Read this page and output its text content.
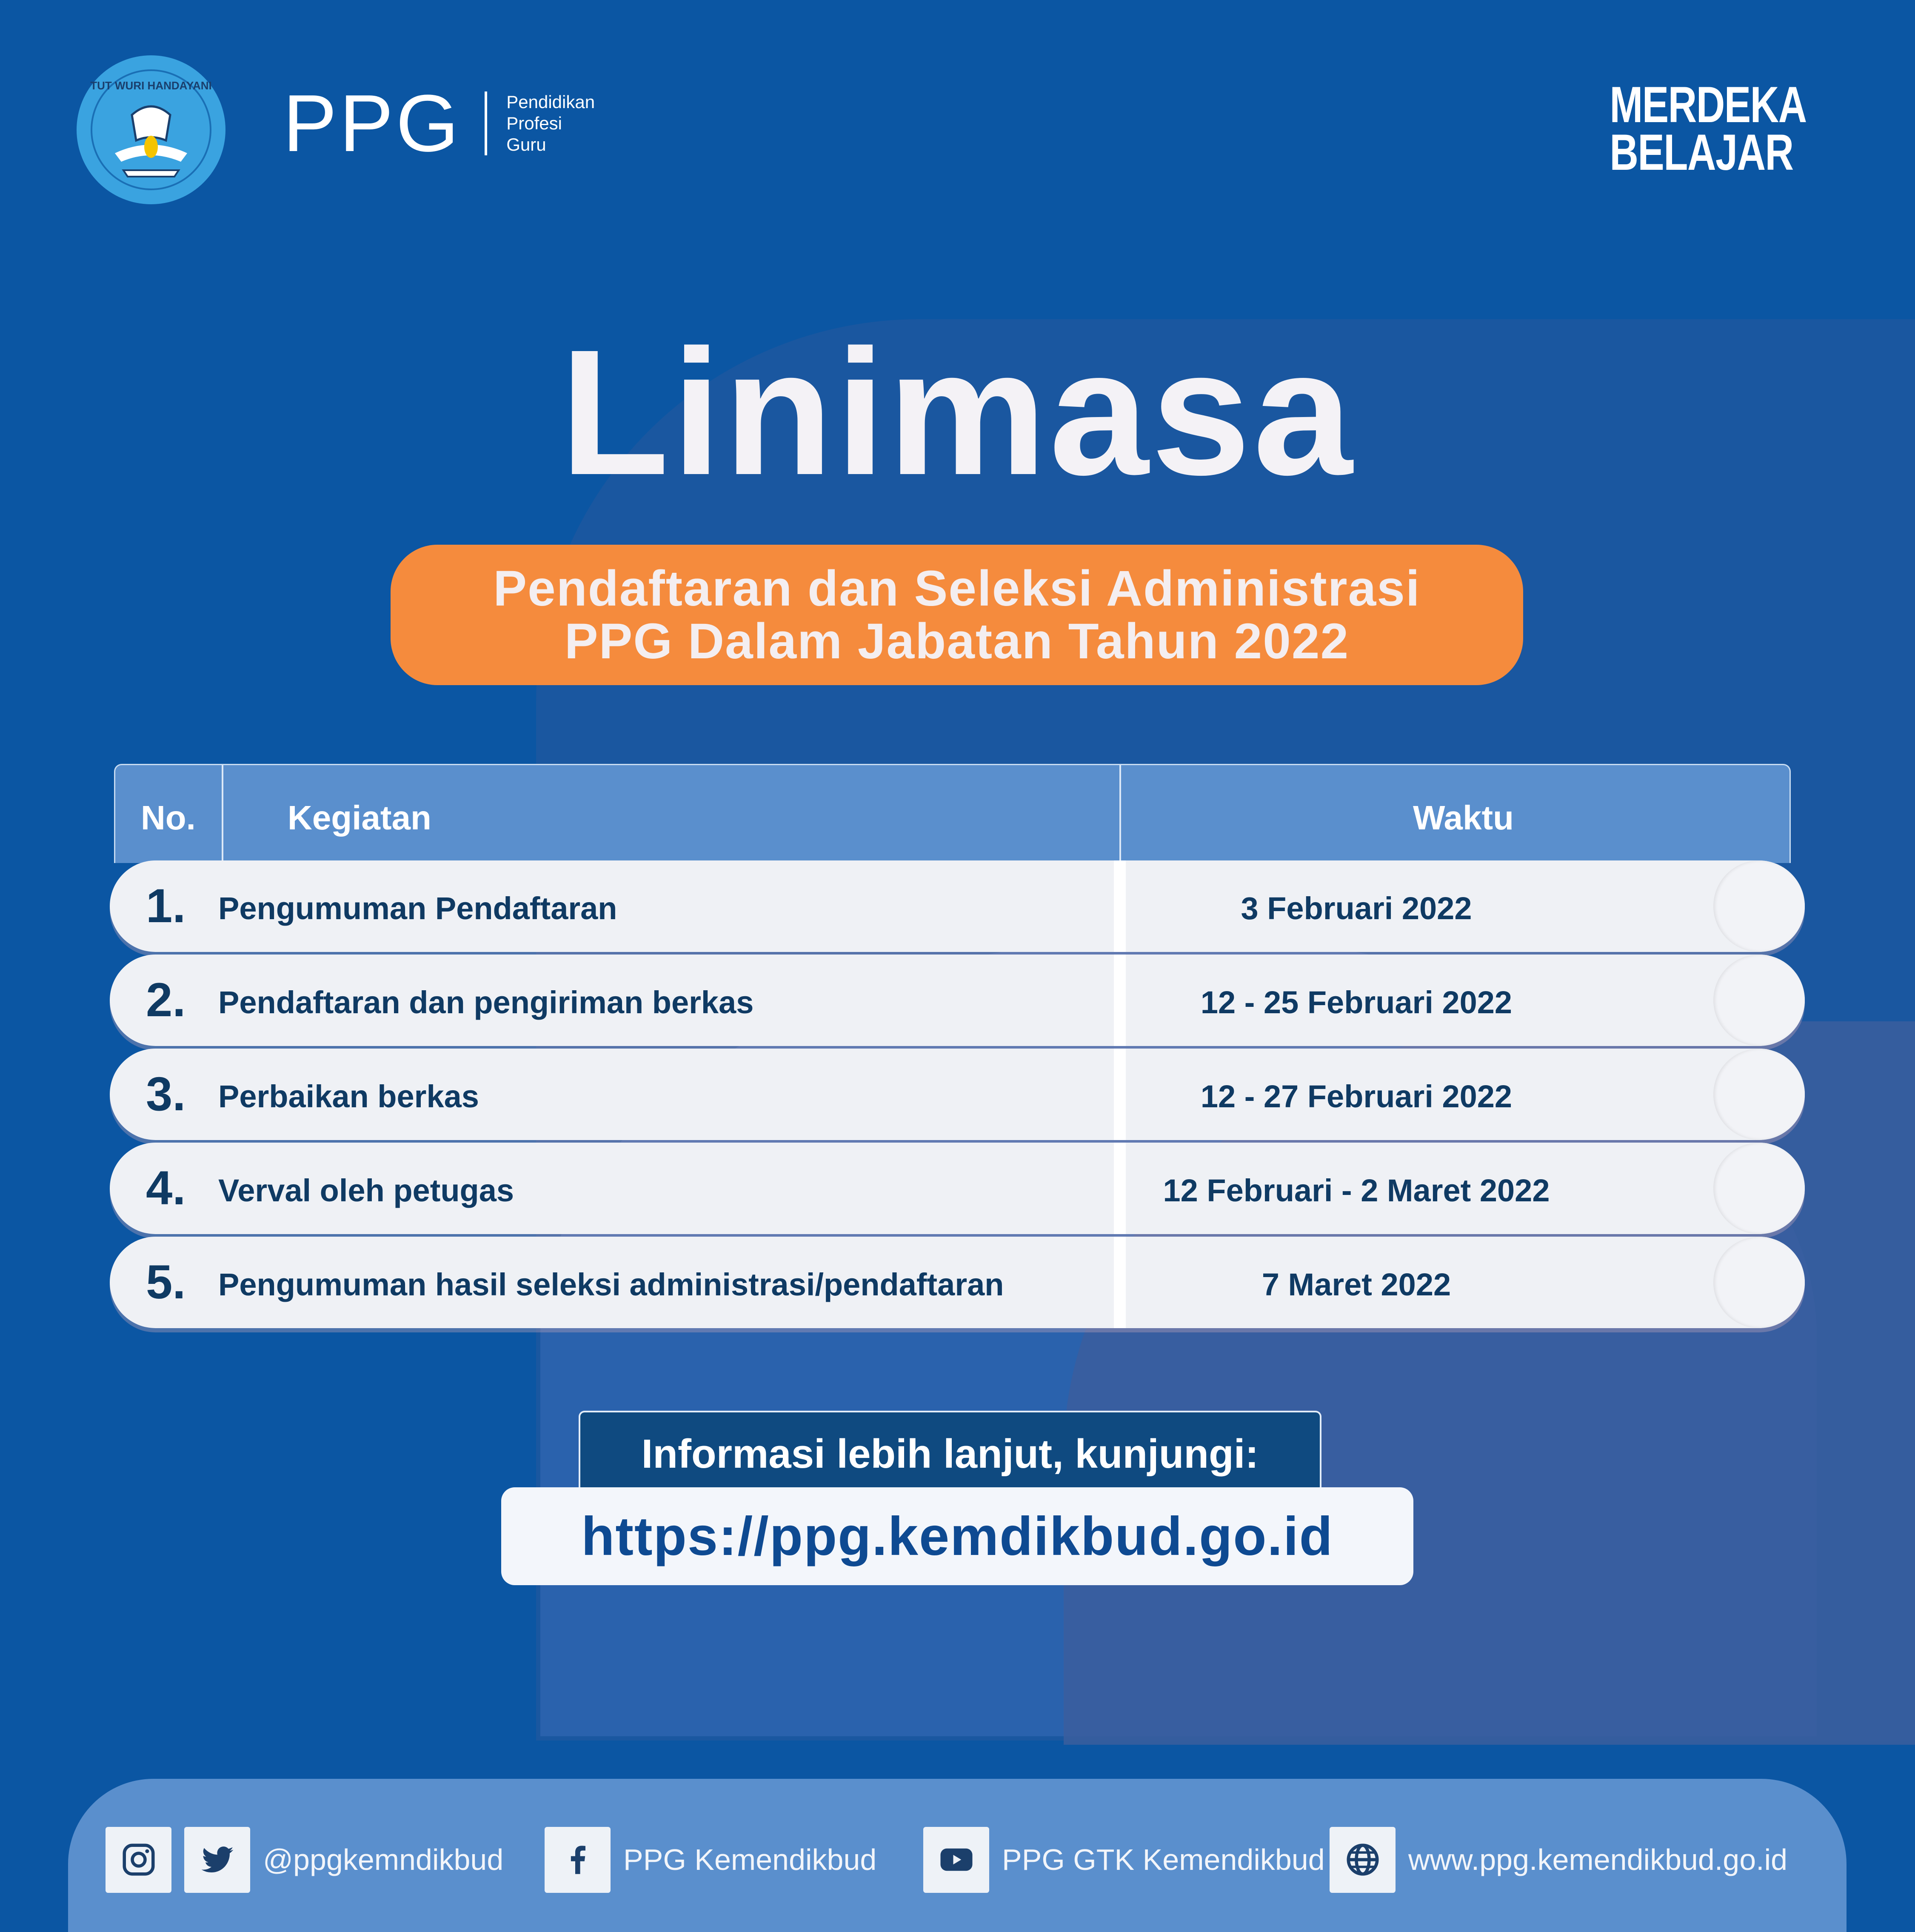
TUT WURI HANDAYANI PPG	Pendidikan
Profesi
Guru
MERDEKA
BELAJAR
Linimasa
Pendaftaran dan Seleksi Administrasi
PPG Dalam Jabatan Tahun 2022
No.	Kegiatan	Waktu
1. Pengumuman Pendaftaran	3 Februari 2022
2. Pendaftaran dan pengiriman berkas	12 - 25 Februari 2022
3. Perbaikan berkas	12 - 27 Februari 2022
4. Verval oleh petugas	12 Februari - 2 Maret 2022
5. Pengumuman hasil seleksi administrasi/pendaftaran	7 Maret 2022
Informasi lebih lanjut, kunjungi:
https://ppg.kemdikbud.go.id
@ppgkemndikbud	PPG Kemendikbud	PPG GTK Kemendikbud	www.ppg.kemendikbud.go.id
